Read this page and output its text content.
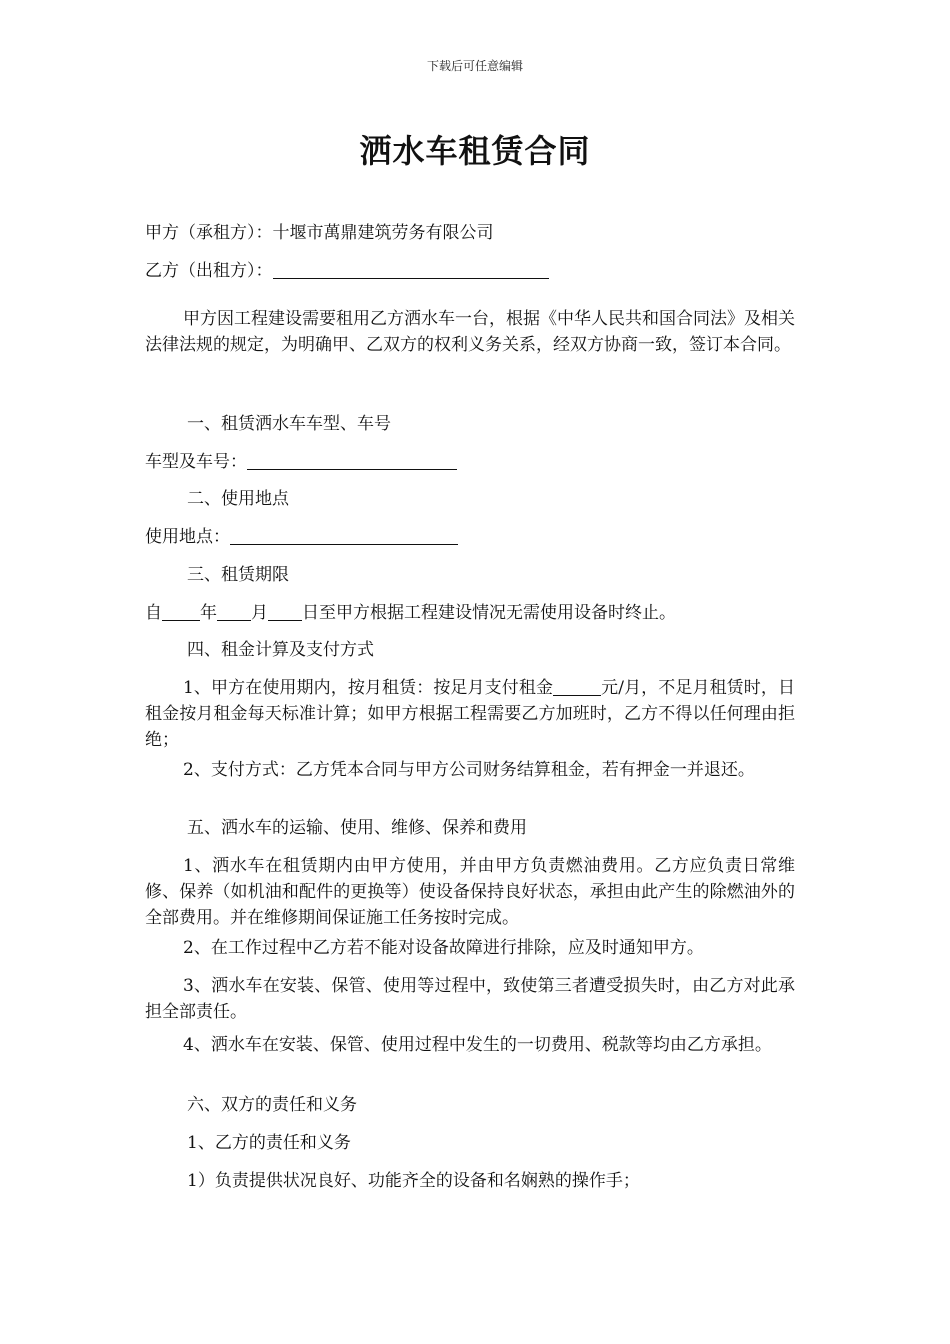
下载后可任意编辑
洒水车租赁合同
甲方（承租方）：十堰市萬鼎建筑劳务有限公司
乙方（出租方）：
甲方因工程建设需要租用乙方洒水车一台，根据《中华人民共和国合同法》及相关法律法规的规定，为明确甲、乙双方的权利义务关系，经双方协商一致，签订本合同。
一、租赁洒水车车型、车号
车型及车号：
二、使用地点
使用地点：
三、租赁期限
自 年 月 日至甲方根据工程建设情况无需使用设备时终止。
四、租金计算及支付方式
1、甲方在使用期内，按月租赁：按足月支付租金	元/月，不足月租赁时，日租金按月租金每天标准计算；如甲方根据工程需要乙方加班时，乙方不得以任何理由拒绝；
2、支付方式：乙方凭本合同与甲方公司财务结算租金，若有押金一并退还。
五、洒水车的运输、使用、维修、保养和费用
1、洒水车在租赁期内由甲方使用，并由甲方负责燃油费用。乙方应负责日常维修、保养（如机油和配件的更换等）使设备保持良好状态，承担由此产生的除燃油外的全部费用。并在维修期间保证施工任务按时完成。
2、在工作过程中乙方若不能对设备故障进行排除，应及时通知甲方。
3、洒水车在安装、保管、使用等过程中，致使第三者遭受损失时，由乙方对此承担全部责任。
4、洒水车在安装、保管、使用过程中发生的一切费用、税款等均由乙方承担。
六、双方的责任和义务
1、乙方的责任和义务
1）负责提供状况良好、功能齐全的设备和名娴熟的操作手；
